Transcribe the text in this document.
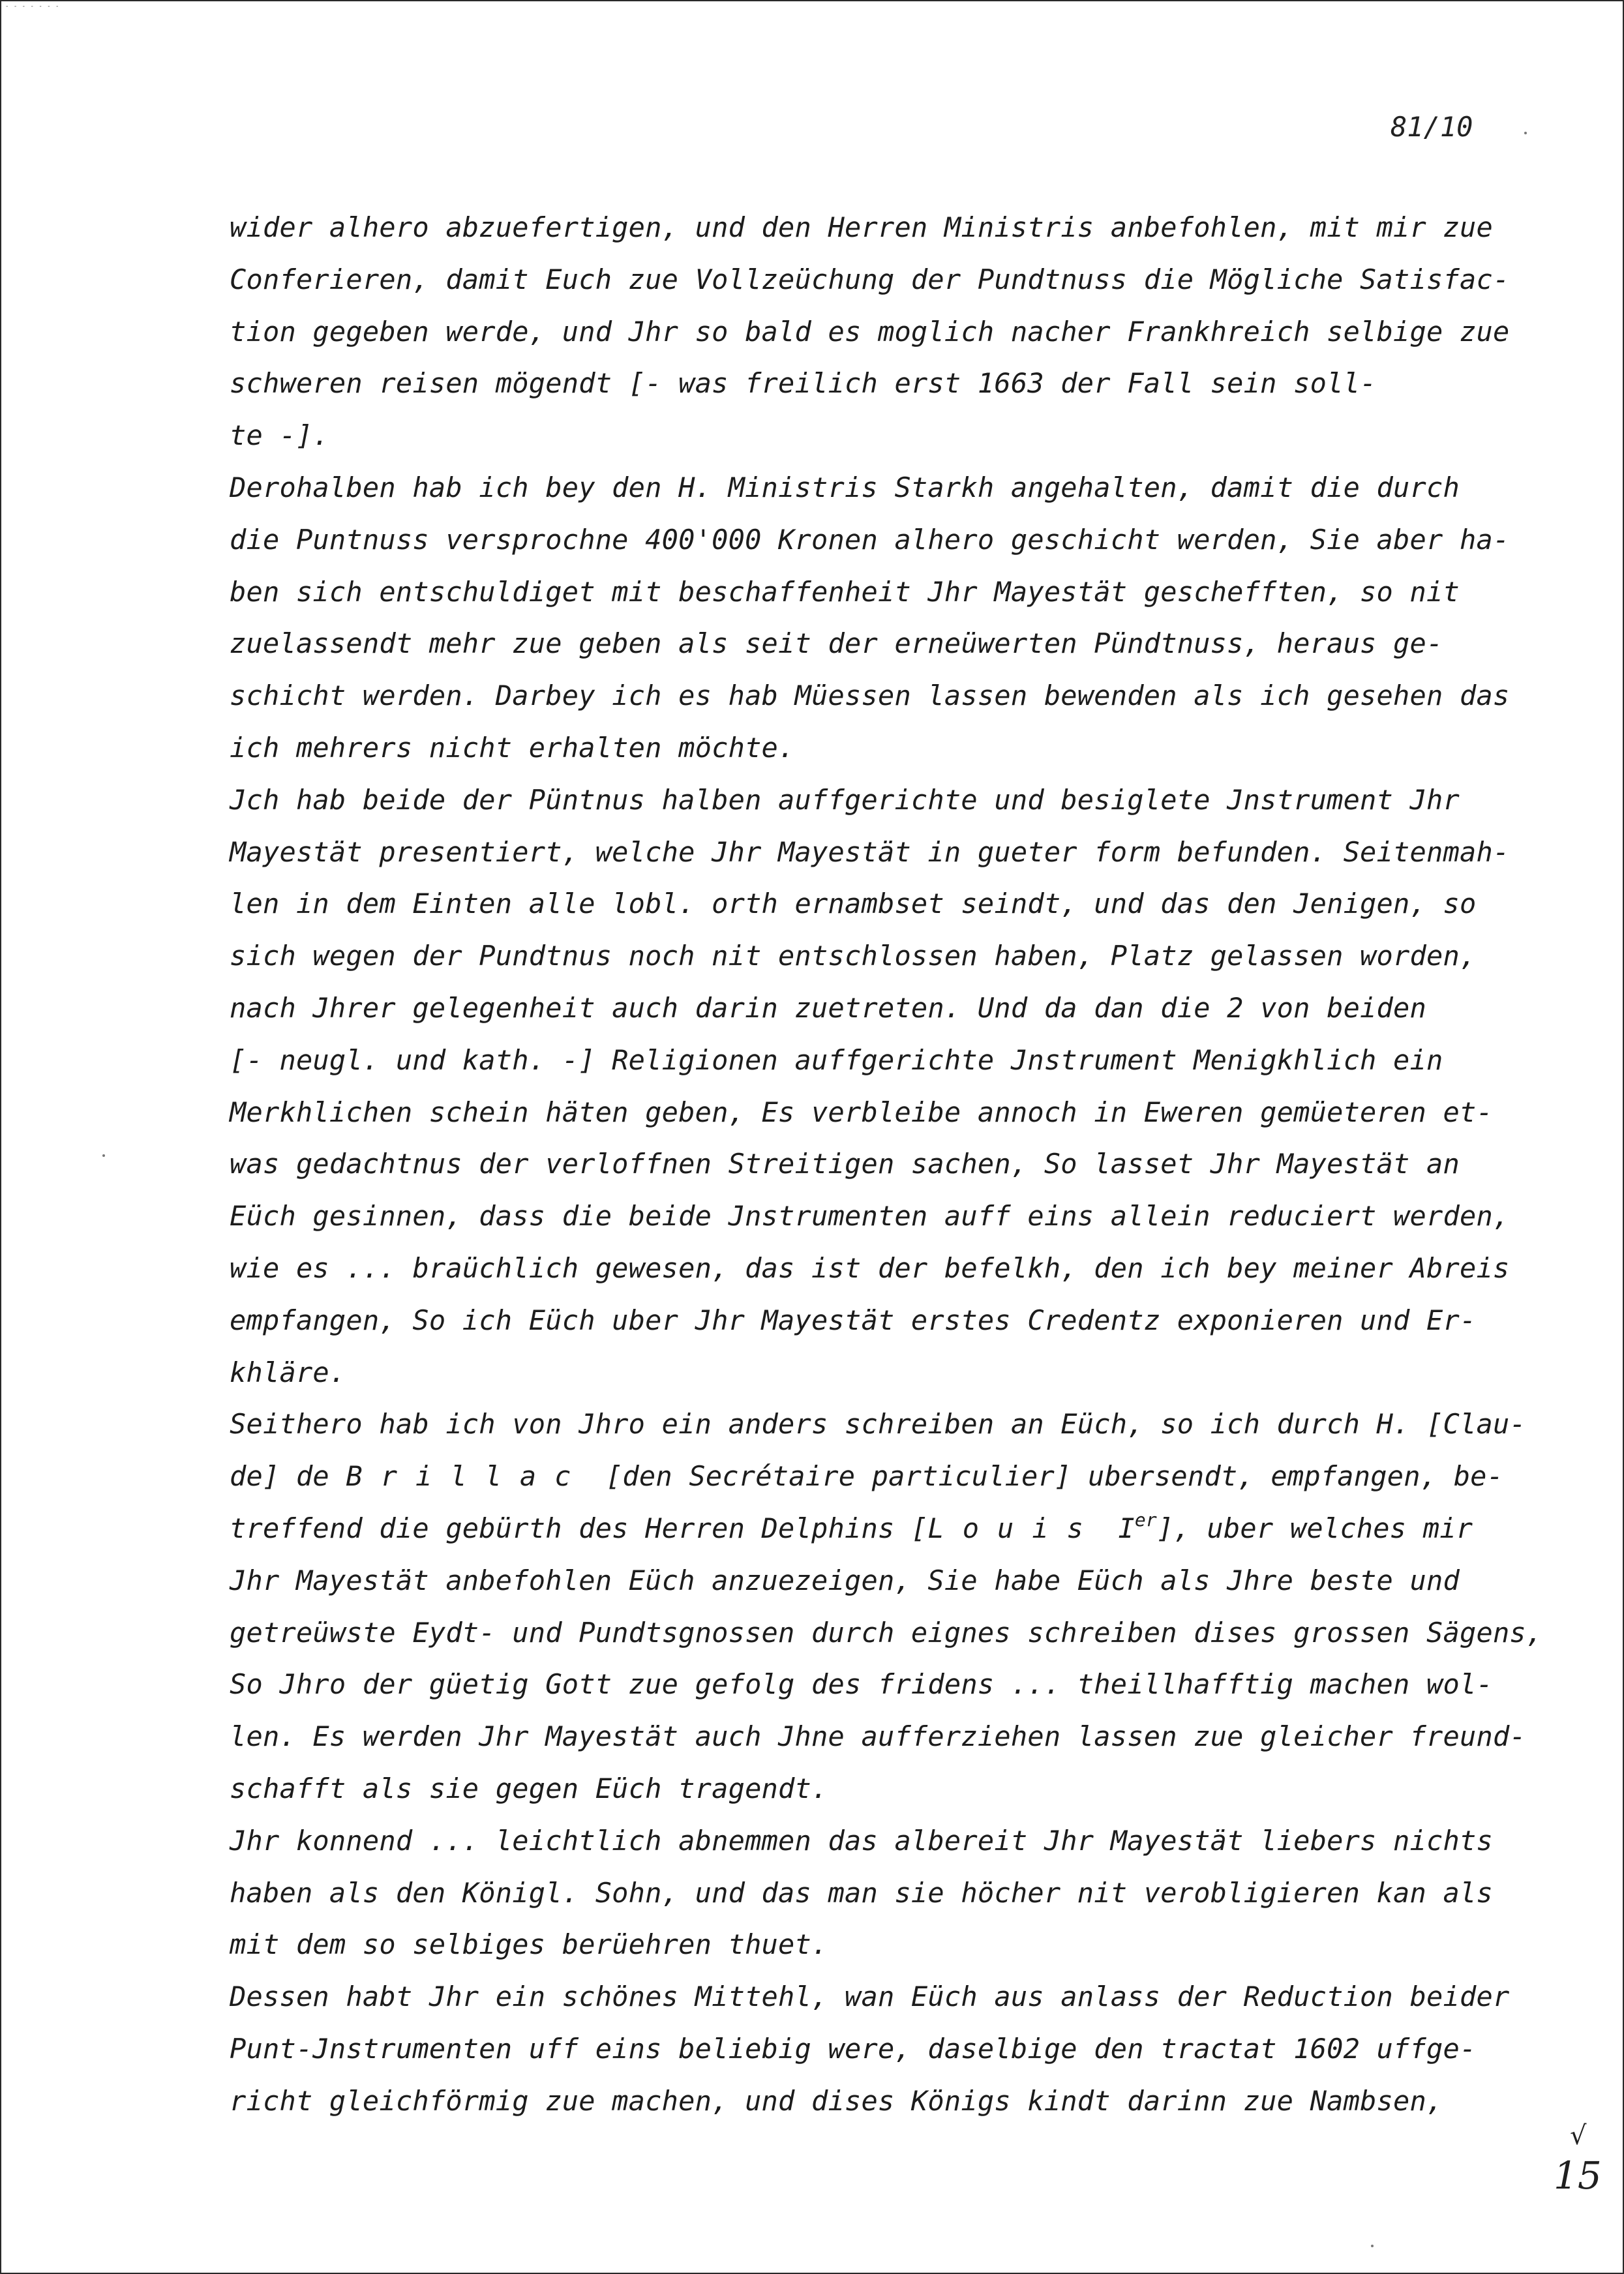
- - - - - - -
81/10
wider alhero abzuefertigen, und den Herren Ministris anbefohlen, mit mir zue
Conferieren, damit Euch zue Vollzeüchung der Pundtnuss die Mögliche Satisfac-
tion gegeben werde, und Jhr so bald es moglich nacher Frankhreich selbige zue
schweren reisen mögendt [- was freilich erst 1663 der Fall sein soll-
te -].
Derohalben hab ich bey den H. Ministris Starkh angehalten, damit die durch
die Puntnuss versprochne 400'000 Kronen alhero geschicht werden, Sie aber ha-
ben sich entschuldiget mit beschaffenheit Jhr Mayestät geschefften, so nit
zuelassendt mehr zue geben als seit der erneüwerten Pündtnuss, heraus ge-
schicht werden. Darbey ich es hab Müessen lassen bewenden als ich gesehen das
ich mehrers nicht erhalten möchte.
Jch hab beide der Püntnus halben auffgerichte und besiglete Jnstrument Jhr
Mayestät presentiert, welche Jhr Mayestät in gueter form befunden. Seitenmah-
len in dem Einten alle lobl. orth ernambset seindt, und das den Jenigen, so
sich wegen der Pundtnus noch nit entschlossen haben, Platz gelassen worden,
nach Jhrer gelegenheit auch darin zuetreten. Und da dan die 2 von beiden
[- neugl. und kath. -] Religionen auffgerichte Jnstrument Menigkhlich ein
Merkhlichen schein häten geben, Es verbleibe annoch in Eweren gemüeteren et-
was gedachtnus der verloffnen Streitigen sachen, So lasset Jhr Mayestät an
Eüch gesinnen, dass die beide Jnstrumenten auff eins allein reduciert werden,
wie es ... braüchlich gewesen, das ist der befelkh, den ich bey meiner Abreis
empfangen, So ich Eüch uber Jhr Mayestät erstes Credentz exponieren und Er-
khläre.
Seithero hab ich von Jhro ein anders schreiben an Eüch, so ich durch H. [Clau-
de] de Brillac [den Secrétaire particulier] ubersendt, empfangen, be-
treffend die gebürth des Herren Delphins [Louis Ier], uber welches mir
Jhr Mayestät anbefohlen Eüch anzuezeigen, Sie habe Eüch als Jhre beste und
getreüwste Eydt- und Pundtsgnossen durch eignes schreiben dises grossen Sägens,
So Jhro der güetig Gott zue gefolg des fridens ... theillhafftig machen wol-
len. Es werden Jhr Mayestät auch Jhne aufferziehen lassen zue gleicher freund-
schafft als sie gegen Eüch tragendt.
Jhr konnend ... leichtlich abnemmen das albereit Jhr Mayestät liebers nichts
haben als den Königl. Sohn, und das man sie höcher nit verobligieren kan als
mit dem so selbiges berüehren thuet.
Dessen habt Jhr ein schönes Mittehl, wan Eüch aus anlass der Reduction beider
Punt-Jnstrumenten uff eins beliebig were, daselbige den tractat 1602 uffge-
richt gleichförmig zue machen, und dises Königs kindt darinn zue Nambsen,
√
15
